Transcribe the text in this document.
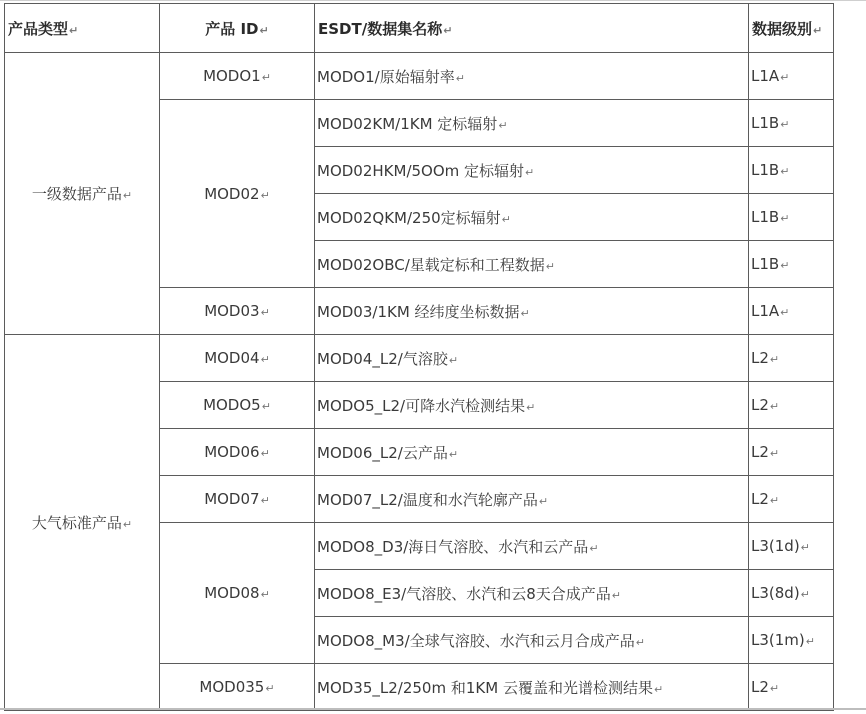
产品类型↵	产品 ID↵	ESDT/数据集名称↵	数据级别↵
一级数据产品↵	MODO1↵	MODO1/原始辐射率↵	L1A↵
	MOD02↵	MOD02KM/1KM 定标辐射↵	L1B↵
		MOD02HKM/5OOm 定标辐射↵	L1B↵
		MOD02QKM/250定标辐射↵	L1B↵
		MOD02OBC/星载定标和工程数据↵	L1B↵
	MOD03↵	MOD03/1KM 经纬度坐标数据↵	L1A↵
大气标准产品↵	MOD04↵	MOD04_L2/气溶胶↵	L2↵
	MODO5↵	MODO5_L2/可降水汽检测结果↵	L2↵
	MOD06↵	MOD06_L2/云产品↵	L2↵
	MOD07↵	MOD07_L2/温度和水汽轮廓产品↵	L2↵
	MOD08↵	MODO8_D3/海日气溶胶、水汽和云产品↵	L3(1d)↵
		MODO8_E3/气溶胶、水汽和云8天合成产品↵	L3(8d)↵
		MODO8_M3/全球气溶胶、水汽和云月合成产品↵	L3(1m)↵
	MOD035↵	MOD35_L2/250m 和1KM 云覆盖和光谱检测结果↵	L2↵
